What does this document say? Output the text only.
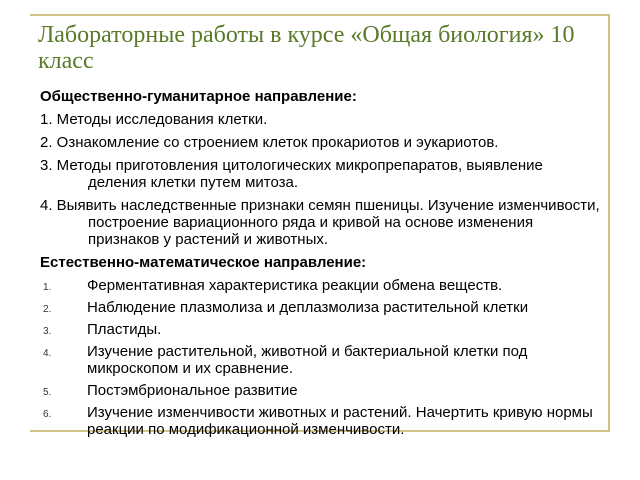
Лабораторные работы в курсе «Общая биология» 10 класс

Общественно-гуманитарное направление:

1. Методы исследования клетки.

2. Ознакомление со строением клеток прокариотов и эукариотов.

3. Методы приготовления цитологических микропрепаратов, выявление деления клетки путем митоза.

4. Выявить наследственные признаки семян пшеницы. Изучение изменчивости, построение вариационного ряда и кривой на основе изменения признаков у растений и животных.

Естественно-математическое направление:

1. Ферментативная характеристика реакции обмена веществ.
2. Наблюдение плазмолиза и деплазмолиза растительной клетки
3. Пластиды.
4. Изучение растительной, животной и бактериальной клетки под микроскопом и их сравнение.
5. Постэмбриональное развитие
6. Изучение изменчивости животных и растений. Начертить кривую нормы реакции по модификационной изменчивости.
